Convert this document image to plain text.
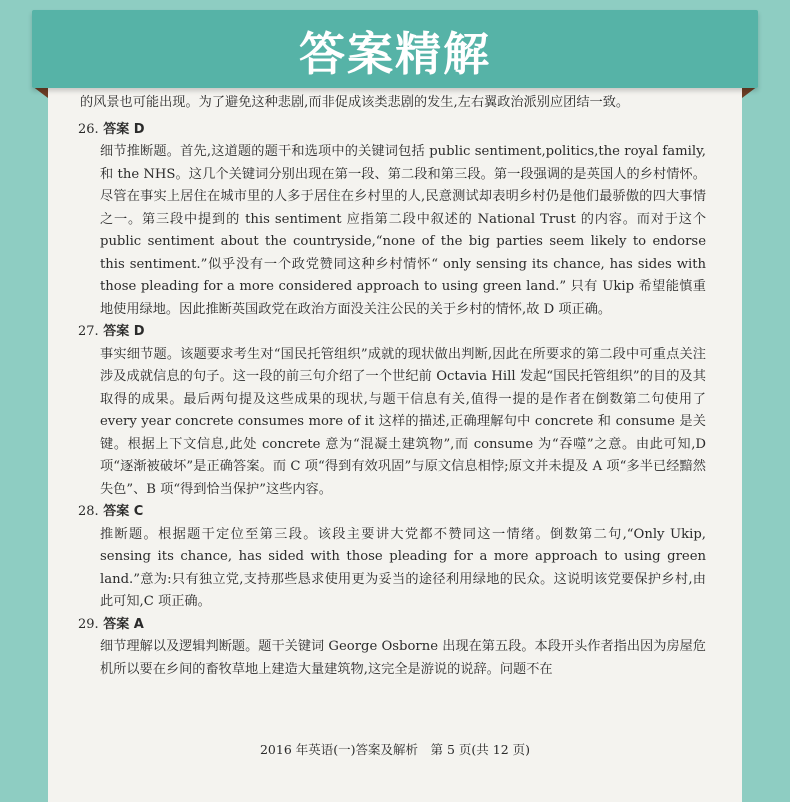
答案精解

的风景也可能出现。为了避免这种悲剧,而非促成该类悲剧的发生,左右翼政治派别应团结一致。

26. 答案 D

细节推断题。首先,这道题的题干和选项中的关键词包括 public sentiment,politics,the royal family,和 the NHS。这几个关键词分别出现在第一段、第二段和第三段。第一段强调的是英国人的乡村情怀。尽管在事实上居住在城市里的人多于居住在乡村里的人,民意测试却表明乡村仍是他们最骄傲的四大事情之一。第三段中提到的 this sentiment 应指第二段中叙述的 National Trust 的内容。而对于这个 public sentiment about the countryside,“none of the big parties seem likely to endorse this sentiment.”似乎没有一个政党赞同这种乡村情怀“ only sensing its chance, has sides with those pleading for a more considered approach to using green land.” 只有 Ukip 希望能慎重地使用绿地。因此推断英国政党在政治方面没关注公民的关于乡村的情怀,故 D 项正确。

27. 答案 D

事实细节题。该题要求考生对“国民托管组织”成就的现状做出判断,因此在所要求的第二段中可重点关注涉及成就信息的句子。这一段的前三句介绍了一个世纪前 Octavia Hill 发起“国民托管组织”的目的及其取得的成果。最后两句提及这些成果的现状,与题干信息有关,值得一提的是作者在倒数第二句使用了 every year concrete consumes more of it 这样的描述,正确理解句中 concrete 和 consume 是关键。根据上下文信息,此处 concrete 意为“混凝土建筑物”,而 consume 为“吞噬”之意。由此可知,D 项“逐渐被破坏”是正确答案。而 C 项“得到有效巩固”与原文信息相悖;原文并未提及 A 项“多半已经黯然失色”、B 项“得到恰当保护”这些内容。

28. 答案 C

推断题。根据题干定位至第三段。该段主要讲大党都不赞同这一情绪。倒数第二句,“Only Ukip, sensing its chance, has sided with those pleading for a more approach to using green land.”意为:只有独立党,支持那些恳求使用更为妥当的途径利用绿地的民众。这说明该党要保护乡村,由此可知,C 项正确。

29. 答案 A

细节理解以及逻辑判断题。题干关键词 George Osborne 出现在第五段。本段开头作者指出因为房屋危机所以要在乡间的畜牧草地上建造大量建筑物,这完全是游说的说辞。问题不在

2016 年英语(一)答案及解析　第 5 页(共 12 页)
